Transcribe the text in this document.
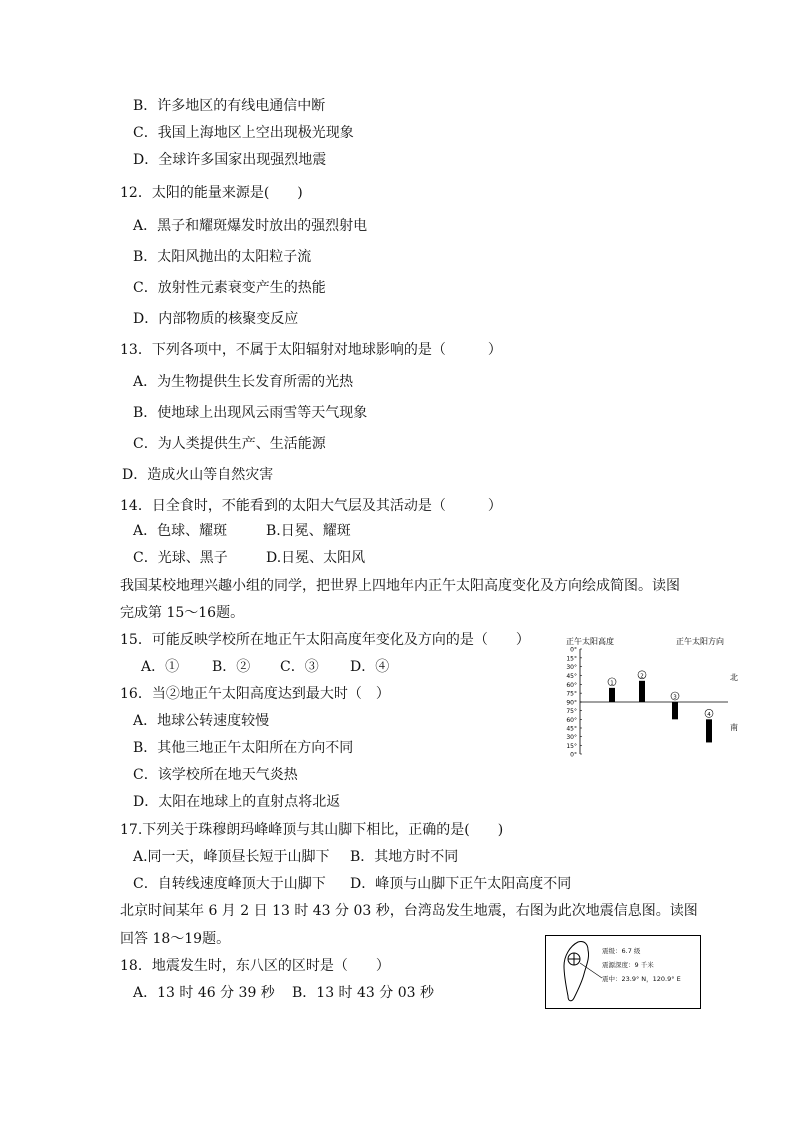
B．许多地区的有线电通信中断
C．我国上海地区上空出现极光现象
D．全球许多国家出现强烈地震
12．太阳的能量来源是(　　)
A．黑子和耀斑爆发时放出的强烈射电
B．太阳风抛出的太阳粒子流
C．放射性元素衰变产生的热能
D．内部物质的核聚变反应
13．下列各项中，不属于太阳辐射对地球影响的是（　　　）
A．为生物提供生长发育所需的光热
B．使地球上出现风云雨雪等天气现象
C．为人类提供生产、生活能源
D．造成火山等自然灾害
14．日全食时，不能看到的太阳大气层及其活动是（　　　）
A．色球、耀斑	B.日冕、耀斑
C．光球、黑子	D.日冕、太阳风
我国某校地理兴趣小组的同学，把世界上四地年内正午太阳高度变化及方向绘成简图。读图
完成第 15～16题。
15．可能反映学校所在地正午太阳高度年变化及方向的是（　　）
A．① B．② C．③ D．④
16．当②地正午太阳高度达到最大时（　）
A．地球公转速度较慢
B．其他三地正午太阳所在方向不同
C．该学校所在地天气炎热
D．太阳在地球上的直射点将北返
17.下列关于珠穆朗玛峰峰顶与其山脚下相比，正确的是(　　)
A.同一天，峰顶昼长短于山脚下 B．其地方时不同
C．自转线速度峰顶大于山脚下 D．峰顶与山脚下正午太阳高度不同
北京时间某年 6 月 2 日 13 时 43 分 03 秒，台湾岛发生地震，右图为此次地震信息图。读图
回答 18～19题。
18．地震发生时，东八区的区时是（　　）
A．13 时 46 分 39 秒 B．13 时 43 分 03 秒
正午太阳高度	正午太阳方向
北
南
0°
15°
30°
45°
60°
75°
90°
75°
60°
45°
30°
15°
0°
1
2
3
4
震级：6.7 级
震源深度：9 千米
震中：23.9° N，120.9° E
